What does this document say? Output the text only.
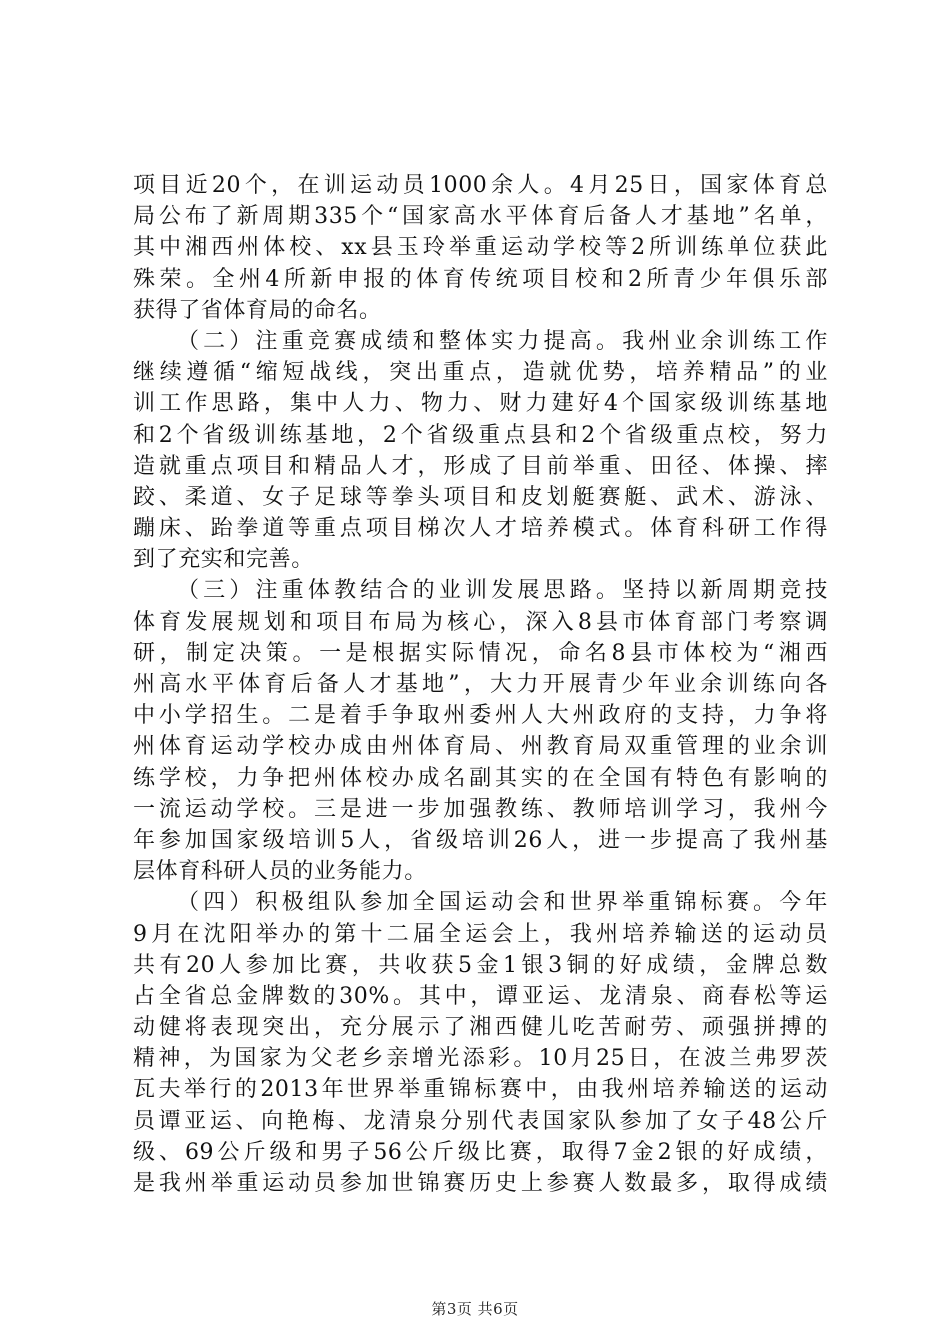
项目近20个，在训运动员1000余人。4月25日，国家体育总
局公布了新周期335个“国家高水平体育后备人才基地”名单，
其中湘西州体校、xx县玉玲举重运动学校等2所训练单位获此
殊荣。全州4所新申报的体育传统项目校和2所青少年俱乐部
获得了省体育局的命名。
（二）注重竞赛成绩和整体实力提高。我州业余训练工作
继续遵循“缩短战线，突出重点，造就优势，培养精品”的业
训工作思路，集中人力、物力、财力建好4个国家级训练基地
和2个省级训练基地，2个省级重点县和2个省级重点校，努力
造就重点项目和精品人才，形成了目前举重、田径、体操、摔
跤、柔道、女子足球等拳头项目和皮划艇赛艇、武术、游泳、
蹦床、跆拳道等重点项目梯次人才培养模式。体育科研工作得
到了充实和完善。
（三）注重体教结合的业训发展思路。坚持以新周期竞技
体育发展规划和项目布局为核心，深入8县市体育部门考察调
研，制定决策。一是根据实际情况，命名8县市体校为“湘西
州高水平体育后备人才基地”，大力开展青少年业余训练向各
中小学招生。二是着手争取州委州人大州政府的支持，力争将
州体育运动学校办成由州体育局、州教育局双重管理的业余训
练学校，力争把州体校办成名副其实的在全国有特色有影响的
一流运动学校。三是进一步加强教练、教师培训学习，我州今
年参加国家级培训5人，省级培训26人，进一步提高了我州基
层体育科研人员的业务能力。
（四）积极组队参加全国运动会和世界举重锦标赛。今年
9月在沈阳举办的第十二届全运会上，我州培养输送的运动员
共有20人参加比赛，共收获5金1银3铜的好成绩，金牌总数
占全省总金牌数的30%。其中，谭亚运、龙清泉、商春松等运
动健将表现突出，充分展示了湘西健儿吃苦耐劳、顽强拼搏的
精神，为国家为父老乡亲增光添彩。10月25日，在波兰弗罗茨
瓦夫举行的2013年世界举重锦标赛中，由我州培养输送的运动
员谭亚运、向艳梅、龙清泉分别代表国家队参加了女子48公斤
级、69公斤级和男子56公斤级比赛，取得7金2银的好成绩，
是我州举重运动员参加世锦赛历史上参赛人数最多，取得成绩
第3页 共6页
